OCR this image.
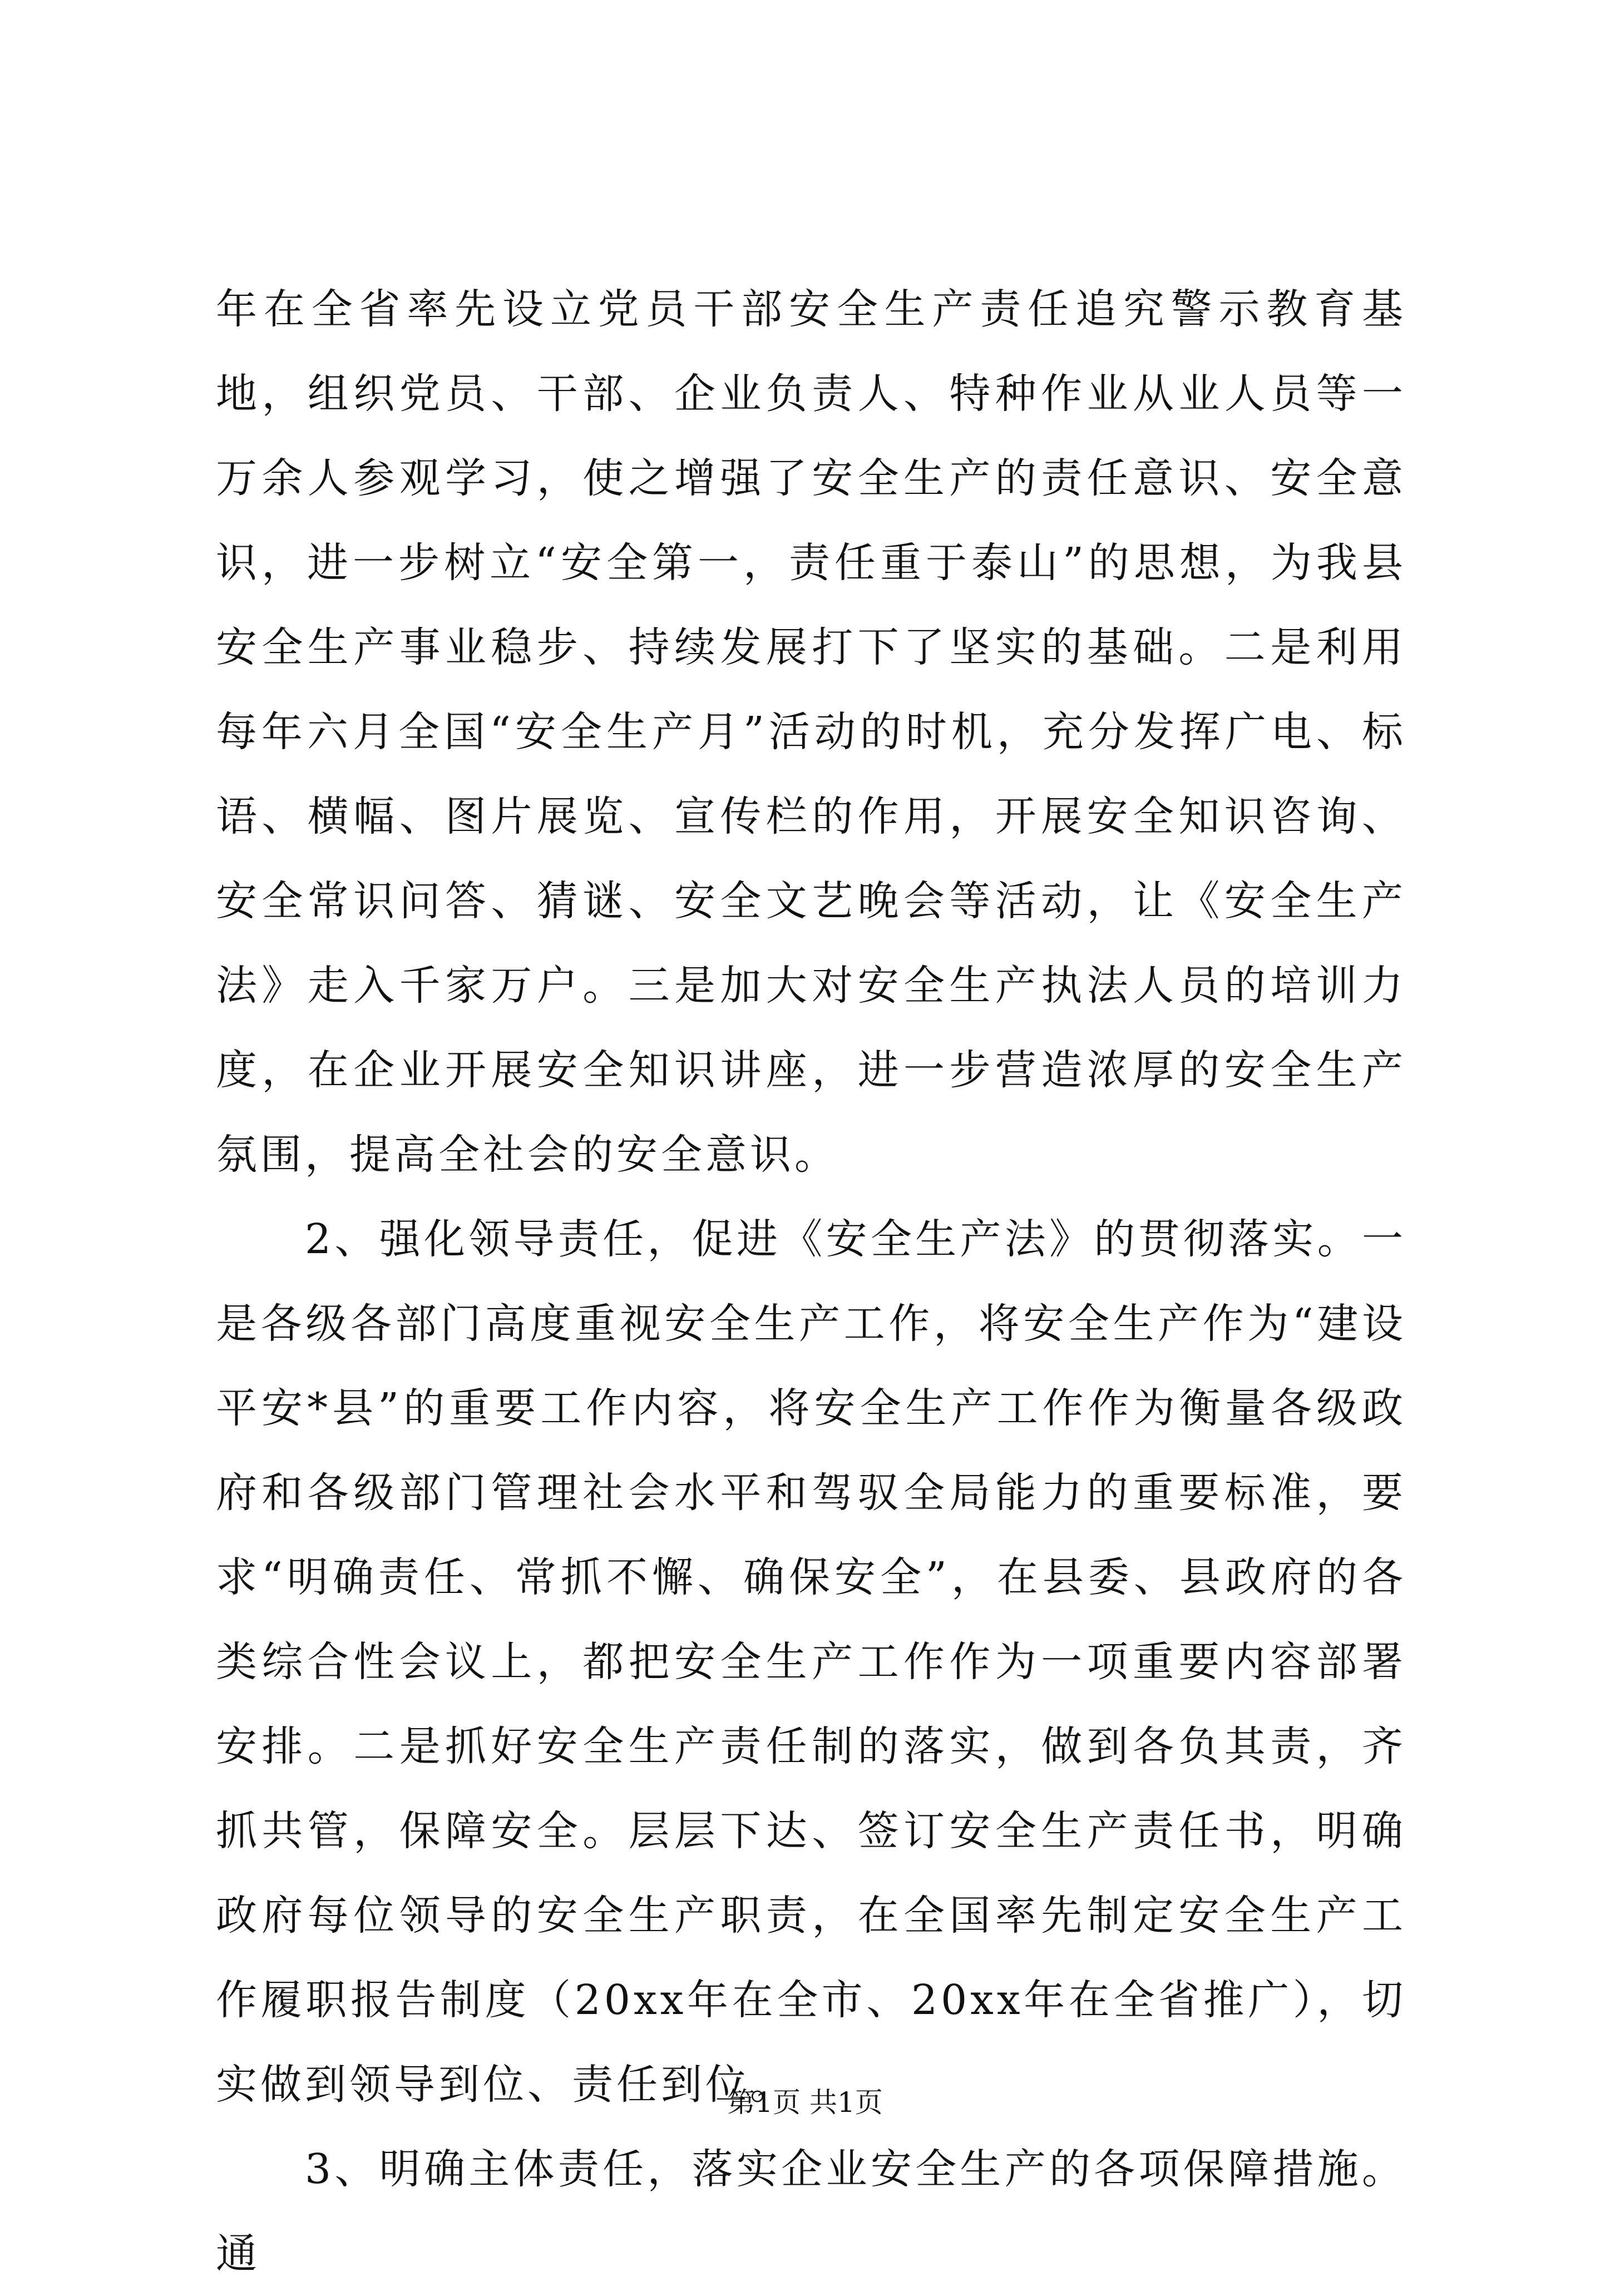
年在全省率先设立党员干部安全生产责任追究警示教育基地，组织党员、干部、企业负责人、特种作业从业人员等一万余人参观学习，使之增强了安全生产的责任意识、安全意识，进一步树立“安全第一，责任重于泰山”的思想，为我县安全生产事业稳步、持续发展打下了坚实的基础。二是利用每年六月全国“安全生产月”活动的时机，充分发挥广电、标语、横幅、图片展览、宣传栏的作用，开展安全知识咨询、安全常识问答、猜谜、安全文艺晚会等活动，让《安全生产法》走入千家万户。三是加大对安全生产执法人员的培训力度，在企业开展安全知识讲座，进一步营造浓厚的安全生产氛围，提高全社会的安全意识。

2、强化领导责任，促进《安全生产法》的贯彻落实。一是各级各部门高度重视安全生产工作，将安全生产作为“建设平安*县”的重要工作内容，将安全生产工作作为衡量各级政府和各级部门管理社会水平和驾驭全局能力的重要标准，要求“明确责任、常抓不懈、确保安全”，在县委、县政府的各类综合性会议上，都把安全生产工作作为一项重要内容部署安排。二是抓好安全生产责任制的落实，做到各负其责，齐抓共管，保障安全。层层下达、签订安全生产责任书，明确政府每位领导的安全生产职责，在全国率先制定安全生产工作履职报告制度（20xx年在全市、20xx年在全省推广），切实做到领导到位、责任到位。

3、明确主体责任，落实企业安全生产的各项保障措施。通

第1页 共1页
